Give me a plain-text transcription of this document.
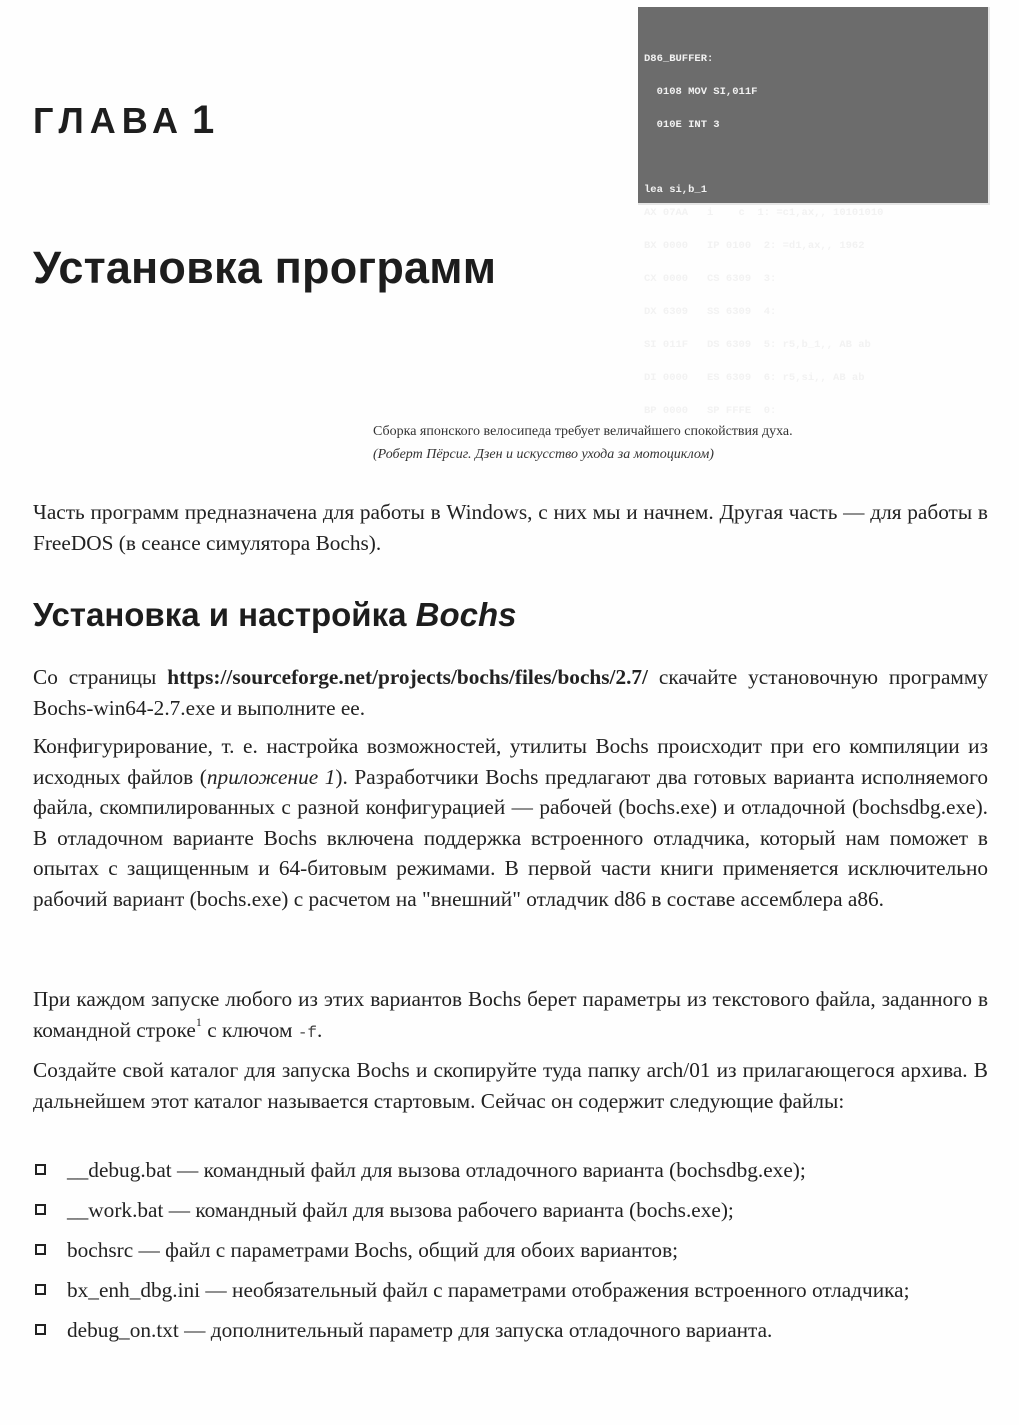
ГЛАВА 1

D86_BUFFER:

0108 MOV SI,011F

010E INT 3

AX 07AA   i    c  1: =c1,ax,, 10101010

BX 0000   IP 0100  2: =d1,ax,, 1962

CX 0000   CS 6309  3:

DX 6309   SS 6309  4:

SI 011F   DS 6309  5: r5,b_1,, AB ab

DI 0000   ES 6309  6: r5,si,, AB ab

BP 0000   SP FFFE  0:

lea si,b_1

Установка программ
Сборка японского велосипеда требует величайшего спокойствия духа.
(Роберт Пёрсиг. Дзен и искусство ухода за мотоциклом)

Часть программ предназначена для работы в Windows, с них мы и начнем. Другая часть — для работы в FreeDOS (в сеансе симулятора Bochs).

Установка и настройка Bochs

Со страницы https://sourceforge.net/projects/bochs/files/bochs/2.7/ скачайте установочную программу Bochs-win64-2.7.exe и выполните ее.

Конфигурирование, т. е. настройка возможностей, утилиты Bochs происходит при его компиляции из исходных файлов (приложение 1). Разработчики Bochs предлагают два готовых варианта исполняемого файла, скомпилированных с разной конфигурацией — рабочей (bochs.exe) и отладочной (bochsdbg.exe). В отладочном варианте Bochs включена поддержка встроенного отладчика, который нам поможет в опытах с защищенным и 64-битовым режимами. В первой части книги применяется исключительно рабочий вариант (bochs.exe) с расчетом на "внешний" отладчик d86 в составе ассемблера a86.

При каждом запуске любого из этих вариантов Bochs берет параметры из текстового файла, заданного в командной строке$^1$ с ключом -f.

Создайте свой каталог для запуска Bochs и скопируйте туда папку arch/01 из прилагающегося архива. В дальнейшем этот каталог называется стартовым. Сейчас он содержит следующие файлы:

__debug.bat — командный файл для вызова отладочного варианта (bochsdbg.exe);
__work.bat — командный файл для вызова рабочего варианта (bochs.exe);
bochsrc — файл с параметрами Bochs, общий для обоих вариантов;
bx_enh_dbg.ini — необязательный файл с параметрами отображения встроенного отладчика;
debug_on.txt — дополнительный параметр для запуска отладочного варианта.
